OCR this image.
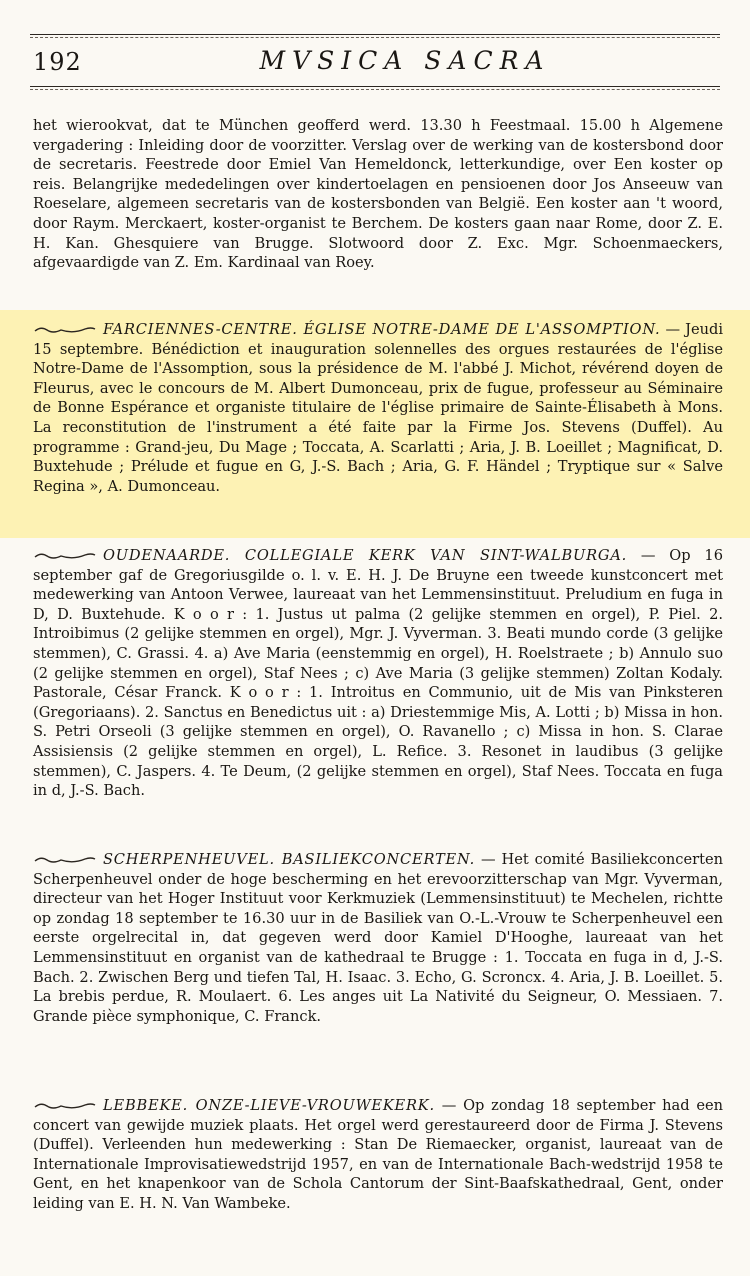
192	MVSICA SACRA

het wierookvat, dat te München geofferd werd. 13.30 h Feestmaal. 15.00 h Algemene vergadering : Inleiding door de voorzitter. Verslag over de werking van de kostersbond door de secretaris. Feestrede door Emiel Van Hemeldonck, letterkundige, over Een koster op reis. Belangrijke mededelingen over kindertoelagen en pensioenen door Jos Anseeuw van Roeselare, algemeen secretaris van de kostersbonden van België. Een koster aan 't woord, door Raym. Merckaert, koster-organist te Berchem. De kosters gaan naar Rome, door Z. E. H. Kan. Ghesquiere van Brugge. Slotwoord door Z. Exc. Mgr. Schoenmaeckers, afgevaardigde van Z. Em. Kardinaal van Roey.

FARCIENNES-CENTRE. ÉGLISE NOTRE-DAME DE L'ASSOMPTION. — Jeudi 15 septembre. Bénédiction et inauguration solennelles des orgues restaurées de l'église Notre-Dame de l'Assomption, sous la présidence de M. l'abbé J. Michot, révérend doyen de Fleurus, avec le concours de M. Albert Dumonceau, prix de fugue, professeur au Séminaire de Bonne Espérance et organiste titulaire de l'église primaire de Sainte-Élisabeth à Mons. La reconstitution de l'instrument a été faite par la Firme Jos. Stevens (Duffel). Au programme : Grand-jeu, Du Mage ; Toccata, A. Scarlatti ; Aria, J. B. Loeillet ; Magnificat, D. Buxtehude ; Prélude et fugue en G, J.-S. Bach ; Aria, G. F. Händel ; Tryptique sur « Salve Regina », A. Dumonceau.

OUDENAARDE. COLLEGIALE KERK VAN SINT-WALBURGA. — Op 16 september gaf de Gregoriusgilde o. l. v. E. H. J. De Bruyne een tweede kunstconcert met medewerking van Antoon Verwee, laureaat van het Lemmensinstituut. Preludium en fuga in D, D. Buxtehude. K o o r : 1. Justus ut palma (2 gelijke stemmen en orgel), P. Piel. 2. Introibimus (2 gelijke stemmen en orgel), Mgr. J. Vyverman. 3. Beati mundo corde (3 gelijke stemmen), C. Grassi. 4. a) Ave Maria (eenstemmig en orgel), H. Roelstraete ; b) Annulo suo (2 gelijke stemmen en orgel), Staf Nees ; c) Ave Maria (3 gelijke stemmen) Zoltan Kodaly. Pastorale, César Franck. K o o r : 1. Introitus en Communio, uit de Mis van Pinksteren (Gregoriaans). 2. Sanctus en Benedictus uit : a) Driestemmige Mis, A. Lotti ; b) Missa in hon. S. Petri Orseoli (3 gelijke stemmen en orgel), O. Ravanello ; c) Missa in hon. S. Clarae Assisiensis (2 gelijke stemmen en orgel), L. Refice. 3. Resonet in laudibus (3 gelijke stemmen), C. Jaspers. 4. Te Deum, (2 gelijke stemmen en orgel), Staf Nees. Toccata en fuga in d, J.-S. Bach.

SCHERPENHEUVEL. BASILIEKCONCERTEN. — Het comité Basiliekconcerten Scherpenheuvel onder de hoge bescherming en het erevoorzitterschap van Mgr. Vyverman, directeur van het Hoger Instituut voor Kerkmuziek (Lemmensinstituut) te Mechelen, richtte op zondag 18 september te 16.30 uur in de Basiliek van O.-L.-Vrouw te Scherpenheuvel een eerste orgelrecital in, dat gegeven werd door Kamiel D'Hooghe, laureaat van het Lemmensinstituut en organist van de kathedraal te Brugge : 1. Toccata en fuga in d, J.-S. Bach. 2. Zwischen Berg und tiefen Tal, H. Isaac. 3. Echo, G. Scroncx. 4. Aria, J. B. Loeillet. 5. La brebis perdue, R. Moulaert. 6. Les anges uit La Nativité du Seigneur, O. Messiaen. 7. Grande pièce symphonique, C. Franck.

LEBBEKE. ONZE-LIEVE-VROUWEKERK. — Op zondag 18 september had een concert van gewijde muziek plaats. Het orgel werd gerestaureerd door de Firma J. Stevens (Duffel). Verleenden hun medewerking : Stan De Riemaecker, organist, laureaat van de Internationale Improvisatiewedstrijd 1957, en van de Internationale Bach-wedstrijd 1958 te Gent, en het knapenkoor van de Schola Cantorum der Sint-Baafskathedraal, Gent, onder leiding van E. H. N. Van Wambeke.
